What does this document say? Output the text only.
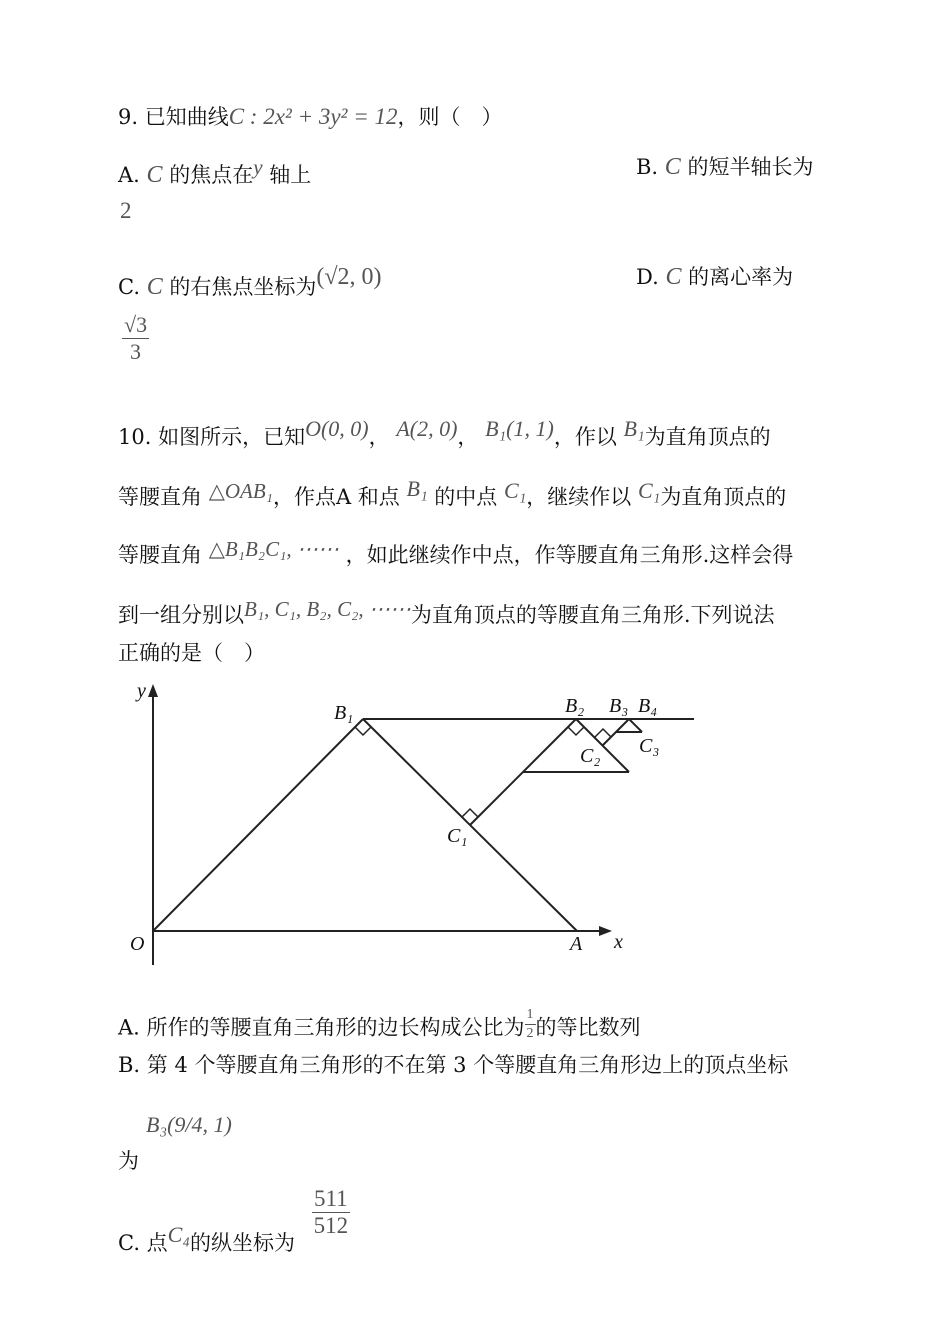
9. 已知曲线C : 2x² + 3y² = 12，则（　）
A. C 的焦点在y 轴上	B. C 的短半轴长为
2
C. C 的右焦点坐标为(√2, 0)	D. C 的离心率为
$\frac{√3}{3}$
10. 如图所示，已知O(0, 0)， A(2, 0)， B₁(1, 1)，作以 B₁为直角顶点的
等腰直角 △OAB₁，作点A 和点 B₁ 的中点 C₁，继续作以 C₁为直角顶点的
等腰直角 △B₁B₂C₁, ⋯⋯ ，如此继续作中点，作等腰直角三角形.这样会得
到一组分别以B₁, C₁, B₂, C₂, ⋯⋯为直角顶点的等腰直角三角形.下列说法
正确的是（　）
y
x
O	A
B₁	B₂ B₃ B₄
C₁
C₂ C₃
A. 所作的等腰直角三角形的边长构成公比为 $\frac{1}{2}$ 的等比数列
B. 第 4 个等腰直角三角形的不在第 3 个等腰直角三角形边上的顶点坐标
B₃(9/4, 1)
为
C. 点C₄的纵坐标为
$\frac{511}{512}$
